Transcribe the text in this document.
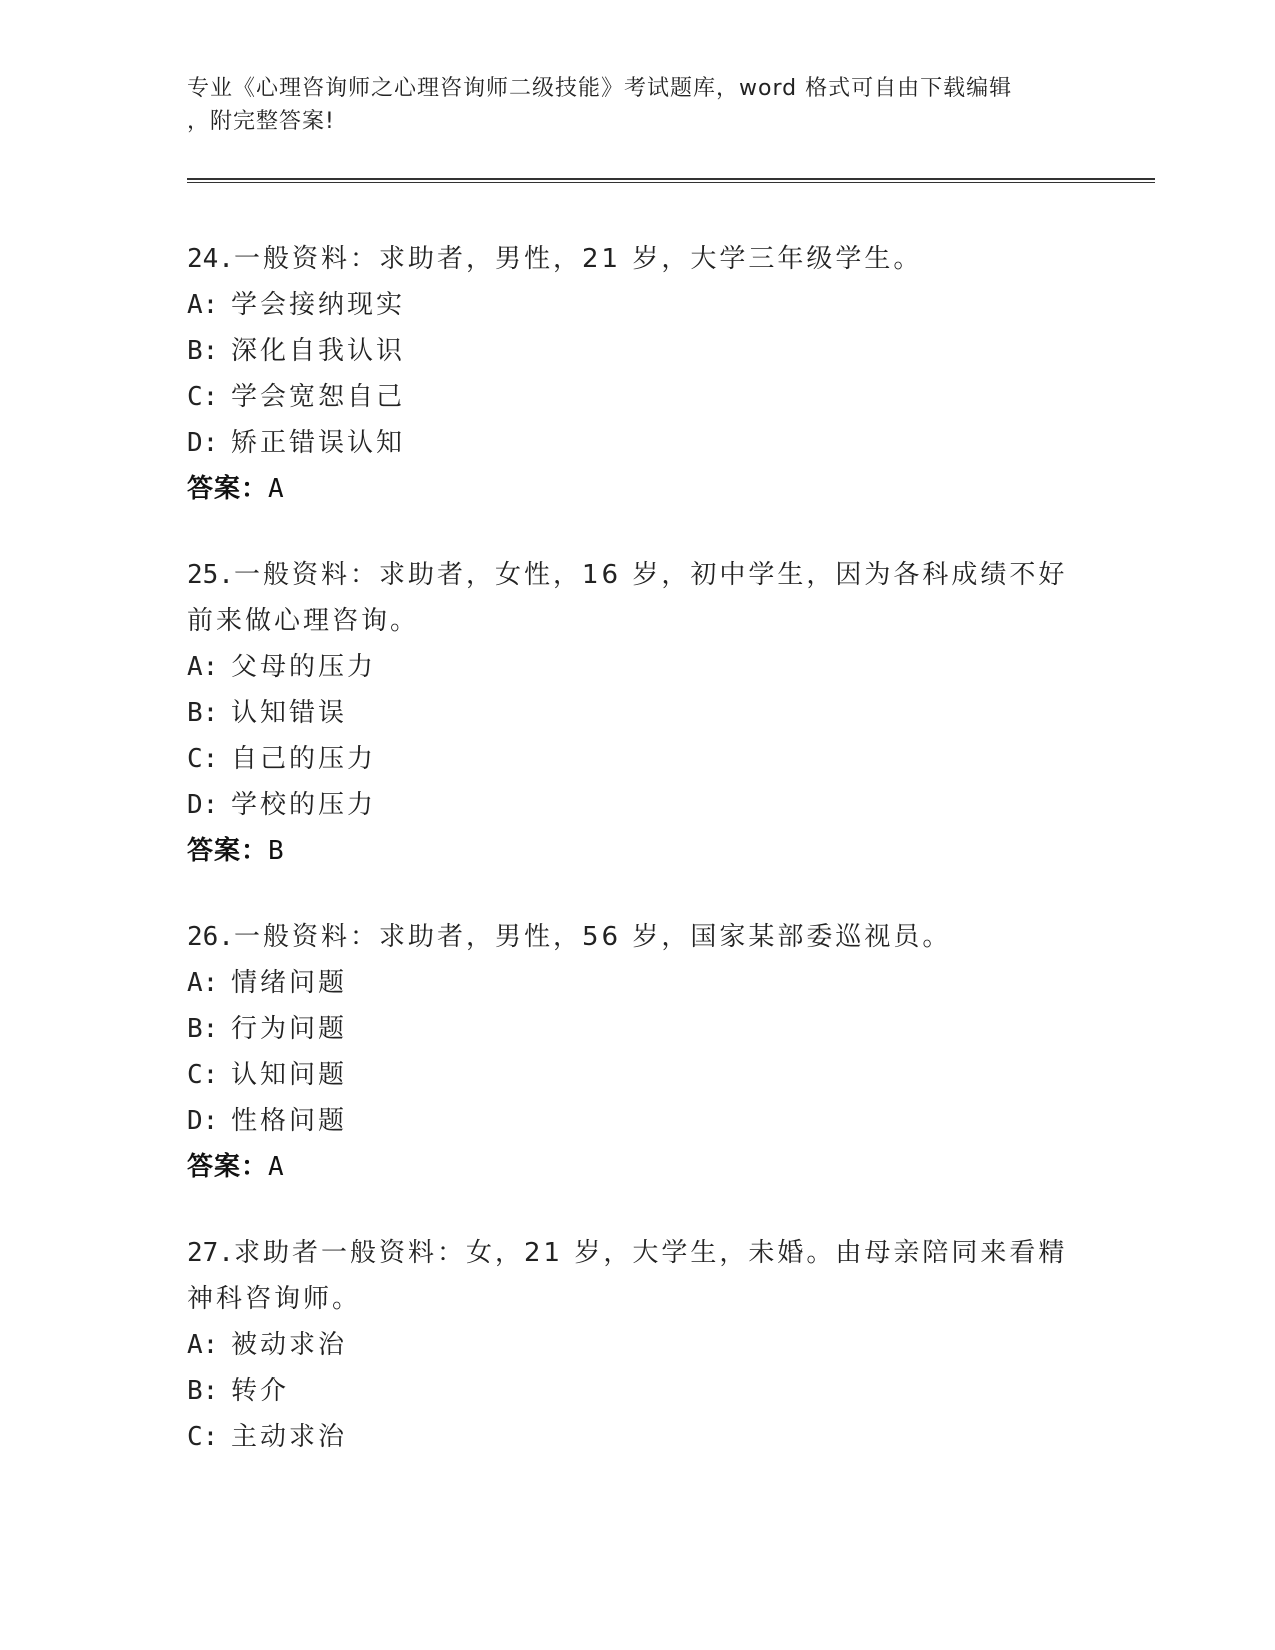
专业《心理咨询师之心理咨询师二级技能》考试题库，word 格式可自由下载编辑
，附完整答案!
24.一般资料：求助者，男性，21 岁，大学三年级学生。
A: 学会接纳现实
B: 深化自我认识
C: 学会宽恕自己
D: 矫正错误认知
答案：A
25.一般资料：求助者，女性，16 岁，初中学生，因为各科成绩不好前来做心理咨询。
A: 父母的压力
B: 认知错误
C: 自己的压力
D: 学校的压力
答案：B
26.一般资料：求助者，男性，56 岁，国家某部委巡视员。
A: 情绪问题
B: 行为问题
C: 认知问题
D: 性格问题
答案：A
27.求助者一般资料：女，21 岁，大学生，未婚。由母亲陪同来看精神科咨询师。
A: 被动求治
B: 转介
C: 主动求治
